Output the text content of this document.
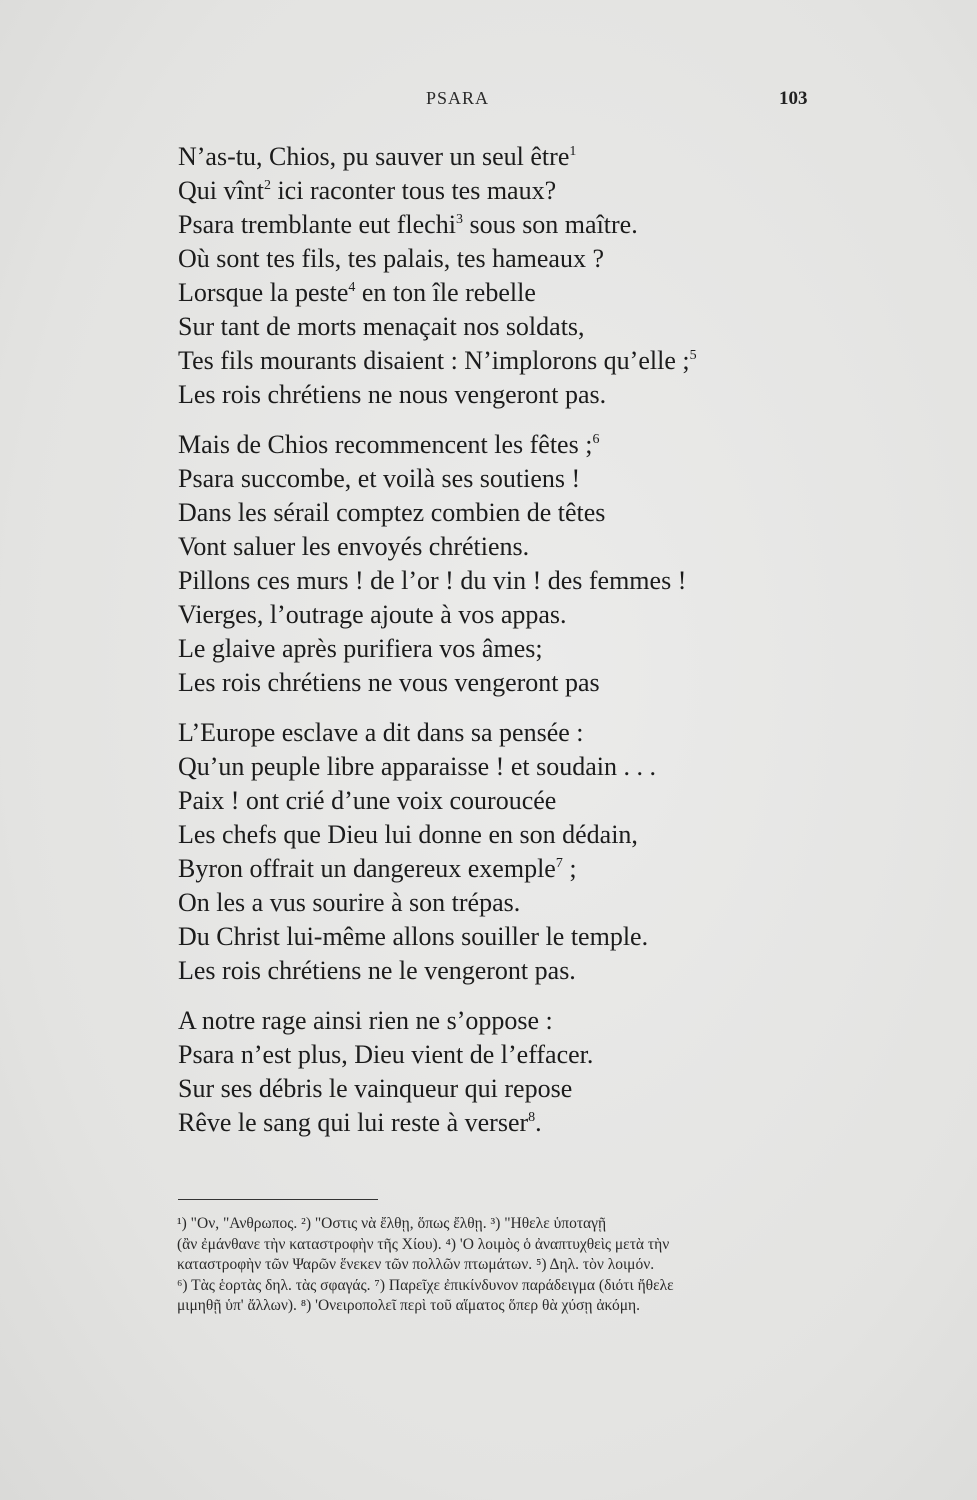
PSARA	103
N’as-tu, Chios, pu sauver un seul être$^1$
Qui vînt$^2$ ici raconter tous tes maux?
Psara tremblante eut flechi$^3$ sous son maître.
Où sont tes fils, tes palais, tes hameaux ?
Lorsque la peste$^4$ en ton île rebelle
Sur tant de morts menaçait nos soldats,
Tes fils mourants disaient : N’implorons qu’elle ;$^5$
Les rois chrétiens ne nous vengeront pas.
Mais de Chios recommencent les fêtes ;$^6$
Psara succombe, et voilà ses soutiens !
Dans les sérail comptez combien de têtes
Vont saluer les envoyés chrétiens.
Pillons ces murs ! de l’or ! du vin ! des femmes !
Vierges, l’outrage ajoute à vos appas.
Le glaive après purifiera vos âmes;
Les rois chrétiens ne vous vengeront pas
L’Europe esclave a dit dans sa pensée :
Qu’un peuple libre apparaisse ! et soudain . . .
Paix ! ont crié d’une voix couroucée
Les chefs que Dieu lui donne en son dédain,
Byron offrait un dangereux exemple$^7$ ;
On les a vus sourire à son trépas.
Du Christ lui-même allons souiller le temple.
Les rois chrétiens ne le vengeront pas.
A notre rage ainsi rien ne s’oppose :
Psara n’est plus, Dieu vient de l’effacer.
Sur ses débris le vainqueur qui repose
Rêve le sang qui lui reste à verser$^8$.
¹) "Ον, "Ανθρωπος. ²) "Οστις νὰ ἔλθῃ, ὅπως ἔλθῃ. ³) "Ηθελε ὑποταγῇ
(ἂν ἐμάνθανε τὴν καταστροφὴν τῆς Χίου). ⁴) 'Ο λοιμὸς ὁ ἀναπτυχθεὶς μετὰ τὴν
καταστροφὴν τῶν Ψαρῶν ἕνεκεν τῶν πολλῶν πτωμάτων. ⁵) Δηλ. τὸν λοιμόν.
⁶) Τὰς ἑορτὰς δηλ. τὰς σφαγάς. ⁷) Παρεῖχε ἐπικίνδυνον παράδειγμα (διότι ἤθελε
μιμηθῇ ὑπ' ἄλλων). ⁸) 'Ονειροπολεῖ περὶ τοῦ αἵματος ὅπερ θὰ χύσῃ ἀκόμη.
